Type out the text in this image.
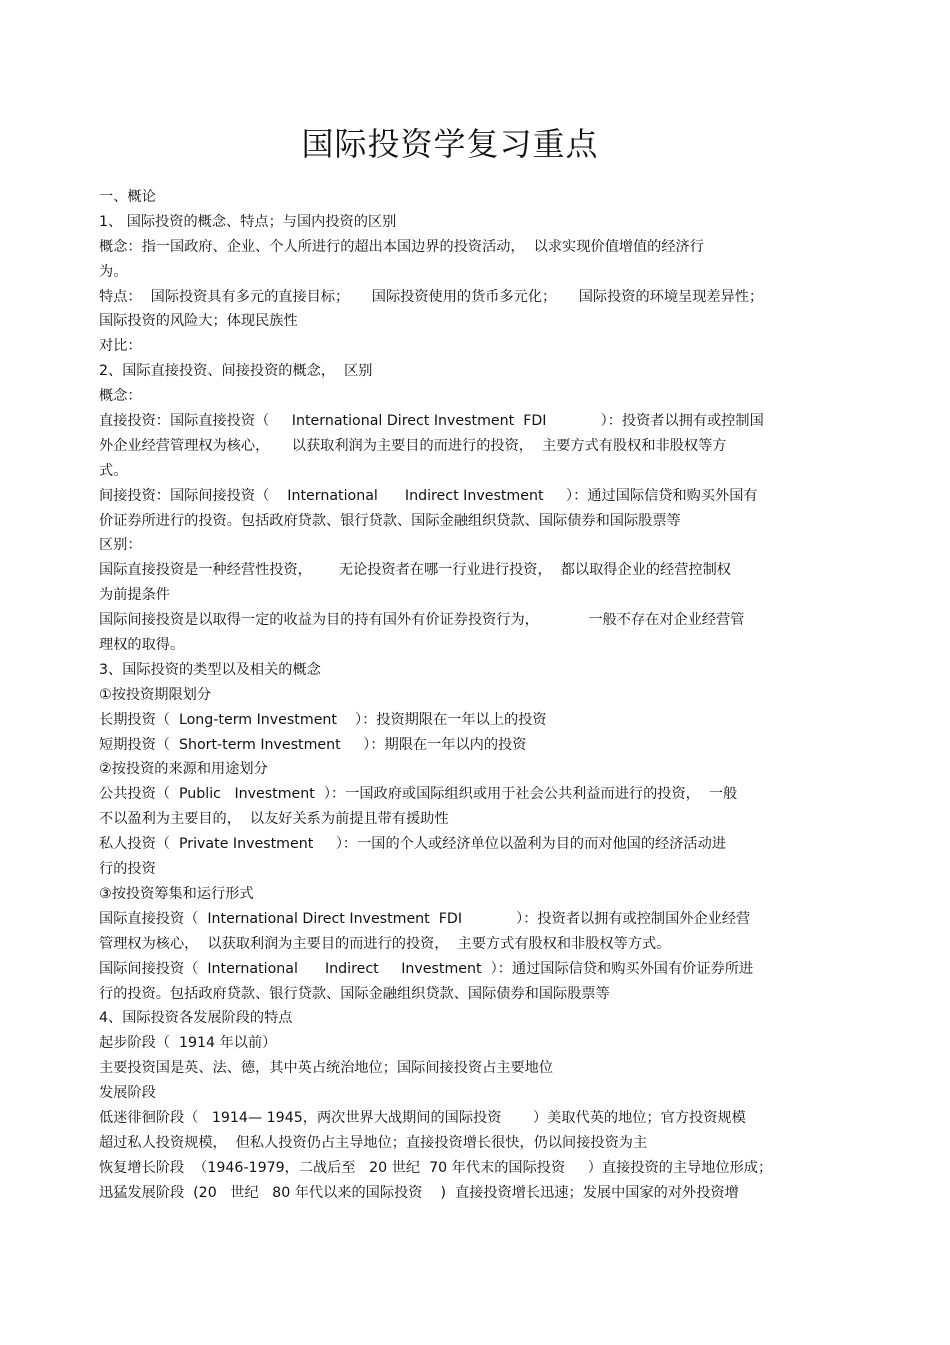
国际投资学复习重点
一、概论
1、 国际投资的概念、特点；与国内投资的区别
概念：指一国政府、企业、个人所进行的超出本国边界的投资活动，  以求实现价值增值的经济行
为。
特点：  国际投资具有多元的直接目标；     国际投资使用的货币多元化；     国际投资的环境呈现差异性；
国际投资的风险大；体现民族性
对比：
2、国际直接投资、间接投资的概念，  区别
概念：
直接投资：国际直接投资（     International Direct Investment  FDI            ）：投资者以拥有或控制国
外企业经营管理权为核心，     以获取利润为主要目的而进行的投资，  主要方式有股权和非股权等方
式。
间接投资：国际间接投资（    International      Indirect Investment     ）：通过国际信贷和购买外国有
价证券所进行的投资。包括政府贷款、银行贷款、国际金融组织贷款、国际债券和国际股票等
区别：
国际直接投资是一种经营性投资，      无论投资者在哪一行业进行投资，  都以取得企业的经营控制权
为前提条件
国际间接投资是以取得一定的收益为目的持有国外有价证券投资行为，           一般不存在对企业经营管
理权的取得。
3、国际投资的类型以及相关的概念
①按投资期限划分
长期投资（  Long-term Investment    ）：投资期限在一年以上的投资
短期投资（  Short-term Investment     ）：期限在一年以内的投资
②按投资的来源和用途划分
公共投资（  Public   Investment  ）：一国政府或国际组织或用于社会公共利益而进行的投资，  一般
不以盈利为主要目的，  以友好关系为前提且带有援助性
私人投资（  Private Investment     ）：一国的个人或经济单位以盈利为目的而对他国的经济活动进
行的投资
③按投资筹集和运行形式
国际直接投资（  International Direct Investment  FDI            ）：投资者以拥有或控制国外企业经营
管理权为核心，  以获取利润为主要目的而进行的投资，  主要方式有股权和非股权等方式。
国际间接投资（  International      Indirect     Investment  ）：通过国际信贷和购买外国有价证券所进
行的投资。包括政府贷款、银行贷款、国际金融组织贷款、国际债券和国际股票等
4、国际投资各发展阶段的特点
起步阶段（  1914 年以前）
主要投资国是英、法、德，其中英占统治地位；国际间接投资占主要地位
发展阶段
低迷徘徊阶段（   1914— 1945，两次世界大战期间的国际投资       ）美取代英的地位；官方投资规模
超过私人投资规模，  但私人投资仍占主导地位；直接投资增长很快，仍以间接投资为主
恢复增长阶段  （1946-1979，二战后至   20 世纪  70 年代末的国际投资     ）直接投资的主导地位形成；
迅猛发展阶段  (20   世纪   80 年代以来的国际投资    )  直接投资增长迅速；发展中国家的对外投资增
